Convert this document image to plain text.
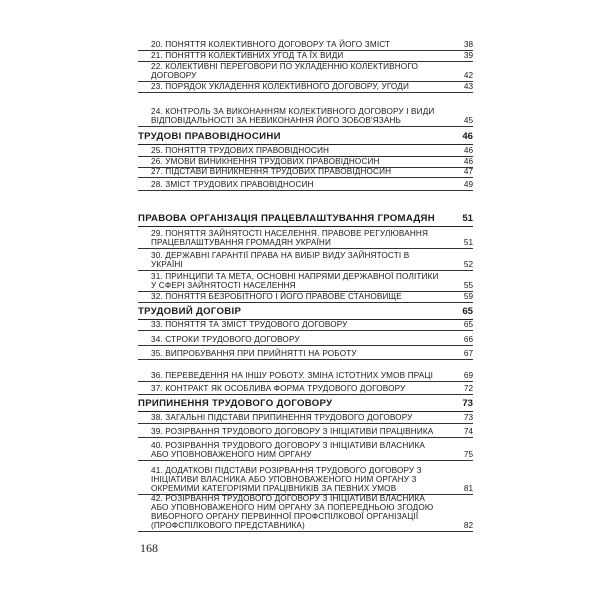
20. ПОНЯТТЯ КОЛЕКТИВНОГО ДОГОВОРУ ТА ЙОГО ЗМІСТ	38
21. ПОНЯТТЯ КОЛЕКТИВНИХ УГОД ТА ЇХ ВИДИ	39
22. КОЛЕКТИВНІ ПЕРЕГОВОРИ ПО УКЛАДЕННЮ КОЛЕКТИВНОГО ДОГОВОРУ	42
23. ПОРЯДОК УКЛАДЕННЯ КОЛЕКТИВНОГО ДОГОВОРУ, УГОДИ	43
24. КОНТРОЛЬ ЗА ВИКОНАННЯМ КОЛЕКТИВНОГО ДОГОВОРУ І ВИДИ ВІДПОВІДАЛЬНОСТІ ЗА НЕВИКОНАННЯ ЙОГО ЗОБОВ'ЯЗАНЬ	45
ТРУДОВІ ПРАВОВІДНОСИНИ	46
25. ПОНЯТТЯ ТРУДОВИХ ПРАВОВІДНОСИН	46
26. УМОВИ ВИНИКНЕННЯ ТРУДОВИХ ПРАВОВІДНОСИН	46
27. ПІДСТАВИ ВИНИКНЕННЯ ТРУДОВИХ ПРАВОВІДНОСИН	47
28. ЗМІСТ ТРУДОВИХ ПРАВОВІДНОСИН	49
ПРАВОВА ОРГАНІЗАЦІЯ ПРАЦЕВЛАШТУВАННЯ ГРОМАДЯН	51
29. ПОНЯТТЯ ЗАЙНЯТОСТІ НАСЕЛЕННЯ. ПРАВОВЕ РЕГУЛЮВАННЯ ПРАЦЕВЛАШТУВАННЯ ГРОМАДЯН УКРАЇНИ	51
30. ДЕРЖАВНІ ГАРАНТІЇ ПРАВА НА ВИБІР ВИДУ ЗАЙНЯТОСТІ В УКРАЇНІ	52
31. ПРИНЦИПИ ТА МЕТА, ОСНОВНІ НАПРЯМИ ДЕРЖАВНОЇ ПОЛІТИКИ У СФЕРІ ЗАЙНЯТОСТІ НАСЕЛЕННЯ	55
32. ПОНЯТТЯ БЕЗРОБІТНОГО І ЙОГО ПРАВОВЕ СТАНОВИЩЕ	59
ТРУДОВИЙ ДОГОВІР	65
33. ПОНЯТТЯ ТА ЗМІСТ ТРУДОВОГО ДОГОВОРУ	65
34. СТРОКИ ТРУДОВОГО ДОГОВОРУ	66
35. ВИПРОБУВАННЯ ПРИ ПРИЙНЯТТІ НА РОБОТУ	67
36. ПЕРЕВЕДЕННЯ НА ІНШУ РОБОТУ. ЗМІНА ІСТОТНИХ УМОВ ПРАЦІ	69
37. КОНТРАКТ ЯК ОСОБЛИВА ФОРМА ТРУДОВОГО ДОГОВОРУ	72
ПРИПИНЕННЯ ТРУДОВОГО ДОГОВОРУ	73
38. ЗАГАЛЬНІ ПІДСТАВИ ПРИПИНЕННЯ ТРУДОВОГО ДОГОВОРУ	73
39. РОЗІРВАННЯ ТРУДОВОГО ДОГОВОРУ З ІНІЦІАТИВИ ПРАЦІВНИКА	74
40. РОЗІРВАННЯ ТРУДОВОГО ДОГОВОРУ З ІНІЦІАТИВИ ВЛАСНИКА АБО УПОВНОВАЖЕНОГО НИМ ОРГАНУ	75
41. ДОДАТКОВІ ПІДСТАВИ РОЗІРВАННЯ ТРУДОВОГО ДОГОВОРУ З ІНІЦІАТИВИ ВЛАСНИКА АБО УПОВНОВАЖЕНОГО НИМ ОРГАНУ З ОКРЕМИМИ КАТЕГОРІЯМИ ПРАЦІВНИКІВ ЗА ПЕВНИХ УМОВ	81
42. РОЗІРВАННЯ ТРУДОВОГО ДОГОВОРУ З ІНІЦІАТИВИ ВЛАСНИКА АБО УПОВНОВАЖЕНОГО НИМ ОРГАНУ ЗА ПОПЕРЕДНЬОЮ ЗГОДОЮ ВИБОРНОГО ОРГАНУ ПЕРВИННОЇ ПРОФСПІЛКОВОЇ ОРГАНІЗАЦІЇ (ПРОФСПІЛКОВОГО ПРЕДСТАВНИКА)	82
168
